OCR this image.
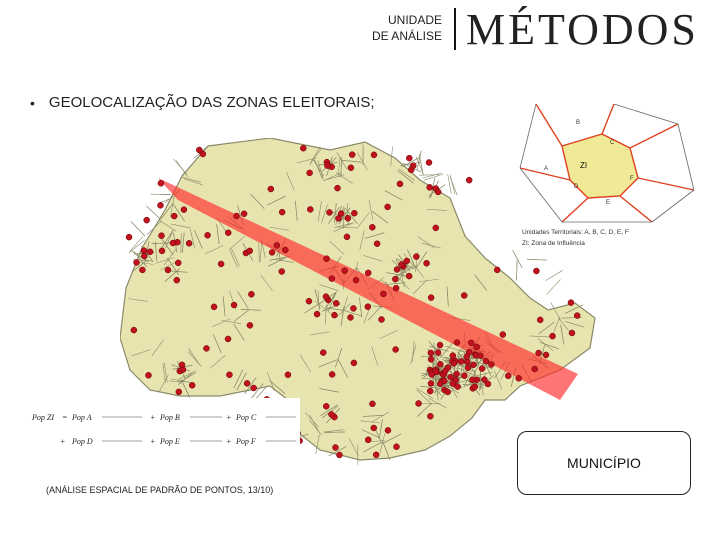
UNIDADE
DE ANÁLISE MÉTODOS
• GEOLOCALIZAÇÃO DAS ZONAS ELEITORAIS;
ZI
A
B
C
D
E
F
Unidades Territoriais: A, B, C, D, E, F
ZI: Zona de Influência
Pop ZI = Pop A	+ Pop B	+ Pop C
+ Pop D	+ Pop E	+ Pop F
MUNICÍPIO
(ANÁLISE ESPACIAL DE PADRÃO DE PONTOS, 13/10)
